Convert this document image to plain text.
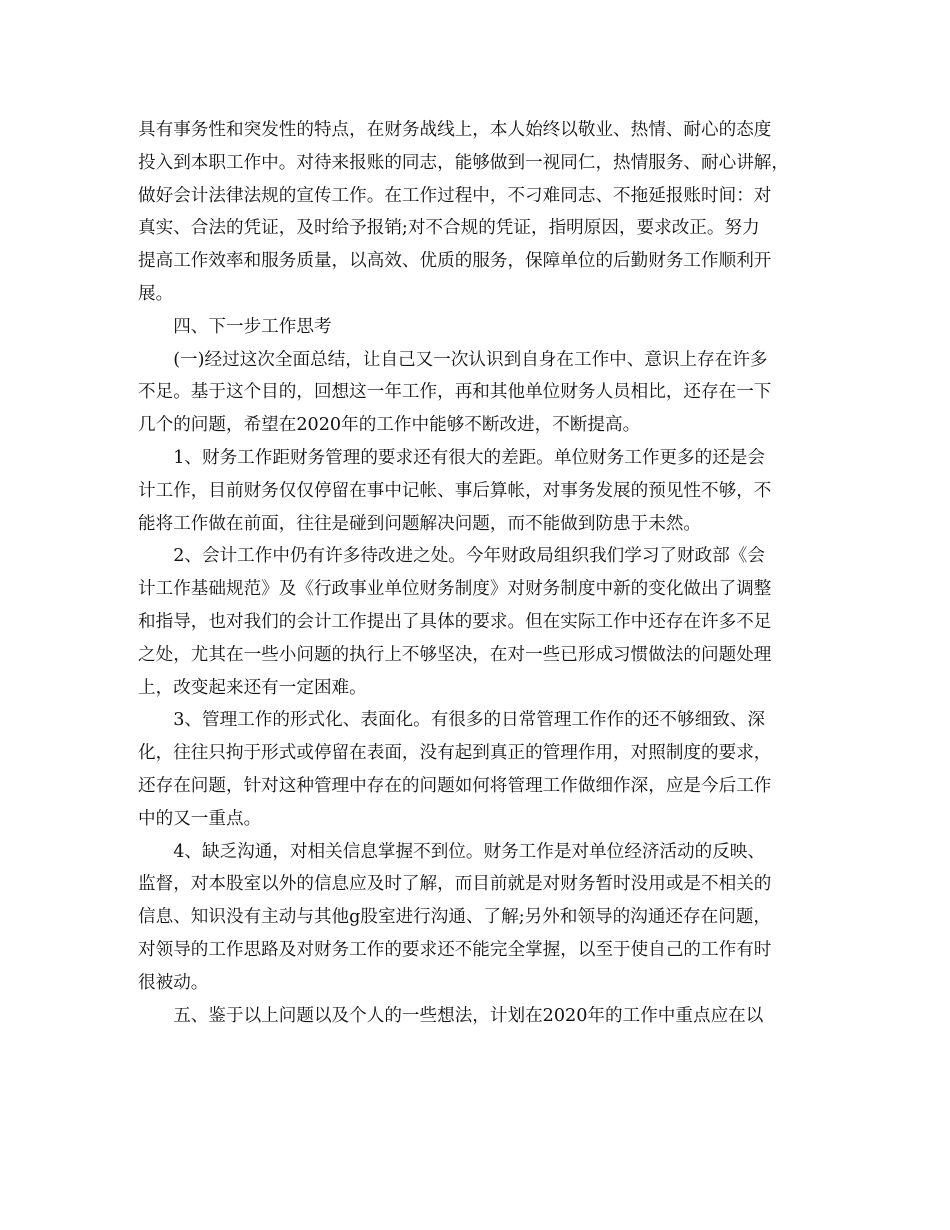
具有事务性和突发性的特点，在财务战线上，本人始终以敬业、热情、耐心的态度
投入到本职工作中。对待来报账的同志，能够做到一视同仁，热情服务、耐心讲解，
做好会计法律法规的宣传工作。在工作过程中，不刁难同志、不拖延报账时间：对
真实、合法的凭证，及时给予报销;对不合规的凭证，指明原因，要求改正。努力
提高工作效率和服务质量，以高效、优质的服务，保障单位的后勤财务工作顺利开
展。
　　四、下一步工作思考
　　(一)经过这次全面总结，让自己又一次认识到自身在工作中、意识上存在许多
不足。基于这个目的，回想这一年工作，再和其他单位财务人员相比，还存在一下
几个的问题，希望在2020年的工作中能够不断改进，不断提高。
　　1、财务工作距财务管理的要求还有很大的差距。单位财务工作更多的还是会
计工作，目前财务仅仅停留在事中记帐、事后算帐，对事务发展的预见性不够，不
能将工作做在前面，往往是碰到问题解决问题，而不能做到防患于未然。
　　2、会计工作中仍有许多待改进之处。今年财政局组织我们学习了财政部《会
计工作基础规范》及《行政事业单位财务制度》对财务制度中新的变化做出了调整
和指导，也对我们的会计工作提出了具体的要求。但在实际工作中还存在许多不足
之处，尤其在一些小问题的执行上不够坚决，在对一些已形成习惯做法的问题处理
上，改变起来还有一定困难。
　　3、管理工作的形式化、表面化。有很多的日常管理工作作的还不够细致、深
化，往往只拘于形式或停留在表面，没有起到真正的管理作用，对照制度的要求，
还存在问题，针对这种管理中存在的问题如何将管理工作做细作深，应是今后工作
中的又一重点。
　　4、缺乏沟通，对相关信息掌握不到位。财务工作是对单位经济活动的反映、
监督，对本股室以外的信息应及时了解，而目前就是对财务暂时没用或是不相关的
信息、知识没有主动与其他g股室进行沟通、了解;另外和领导的沟通还存在问题，
对领导的工作思路及对财务工作的要求还不能完全掌握，以至于使自己的工作有时
很被动。
　　五、鉴于以上问题以及个人的一些想法，计划在2020年的工作中重点应在以
